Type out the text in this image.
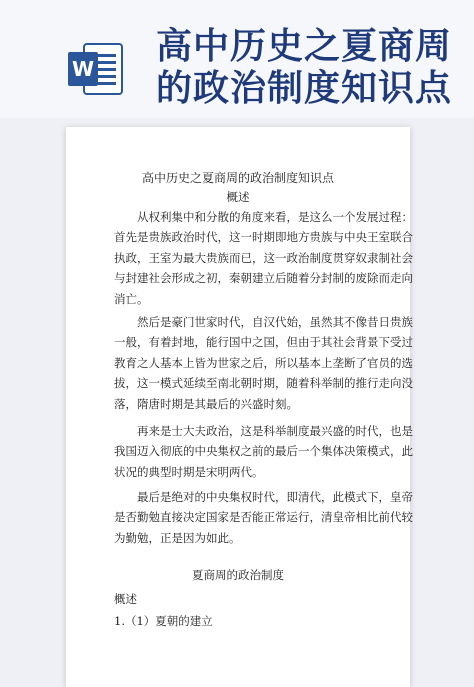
W
高中历史之夏商周
的政治制度知识点
高中历史之夏商周的政治制度知识点
概述
从权利集中和分散的角度来看，是这么一个发展过程：
首先是贵族政治时代，这一时期即地方贵族与中央王室联合
执政，王室为最大贵族而已，这一政治制度贯穿奴隶制社会
与封建社会形成之初，秦朝建立后随着分封制的废除而走向
消亡。
然后是豪门世家时代，自汉代始，虽然其不像昔日贵族
一般，有着封地，能行国中之国，但由于其社会背景下受过
教育之人基本上皆为世家之后，所以基本上垄断了官员的选
拔，这一模式延续至南北朝时期，随着科举制的推行走向没
落，隋唐时期是其最后的兴盛时刻。
再来是士大夫政治，这是科举制度最兴盛的时代，也是
我国迈入彻底的中央集权之前的最后一个集体决策模式，此
状况的典型时期是宋明两代。
最后是绝对的中央集权时代，即清代，此模式下，皇帝
是否勤勉直接决定国家是否能正常运行，清皇帝相比前代较
为勤勉，正是因为如此。
夏商周的政治制度
概述
1.（1）夏朝的建立
